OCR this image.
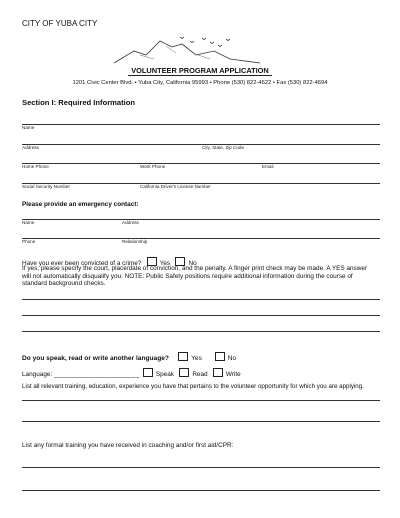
CITY OF YUBA CITY
VOLUNTEER PROGRAM APPLICATION
1201 Civic Center Blvd. • Yuba City, California 95993 • Phone (530) 822-4622 • Fax (530) 822-4694
Section I: Required Information
Name
Address	City, State, Zip Code
Home Phone	Work Phone	Email
Social Security Number	California Driver's License Number
Please provide an emergency contact:
Name	Address
Phone	Relationship
Have you ever been convicted of a crime?	Yes	No
If yes, please specify the court, place/date of conviction, and the penalty. A finger print check may be made. A YES answer will not automatically disqualify you. NOTE: Public Safety positions require additional information during the course of standard background checks.
Do you speak, read or write another language?	Yes	No
Language: ________________________	Speak	Read	Write
List all relevant training, education, experience you have that pertains to the volunteer opportunity for which you are applying.
List any formal training you have received in coaching and/or first aid/CPR:
